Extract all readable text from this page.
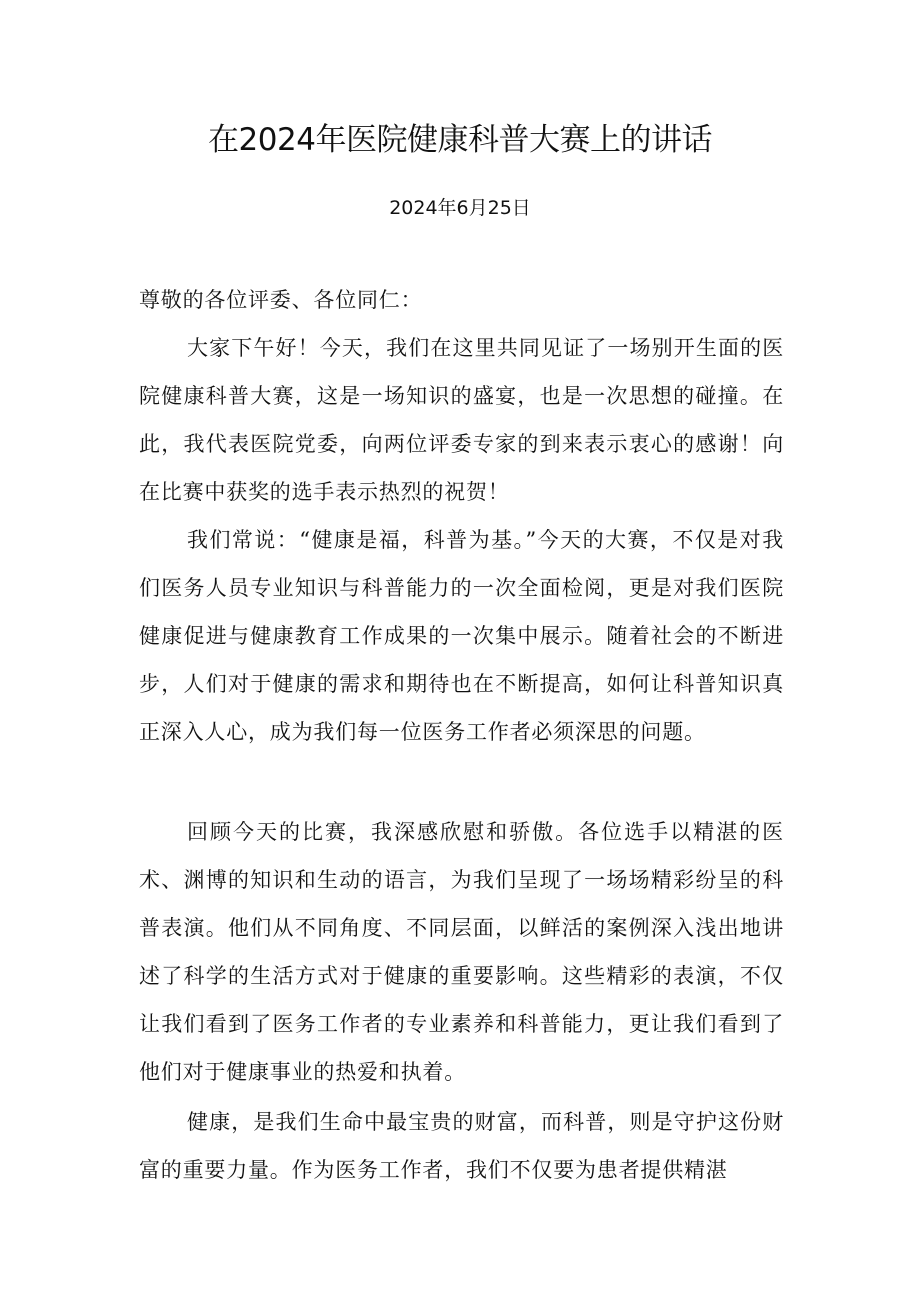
在2024年医院健康科普大赛上的讲话
2024年6月25日

尊敬的各位评委、各位同仁：

大家下午好！今天，我们在这里共同见证了一场别开生面的医院健康科普大赛，这是一场知识的盛宴，也是一次思想的碰撞。在此，我代表医院党委，向两位评委专家的到来表示衷心的感谢！向在比赛中获奖的选手表示热烈的祝贺！

我们常说：“健康是福，科普为基。”今天的大赛，不仅是对我们医务人员专业知识与科普能力的一次全面检阅，更是对我们医院健康促进与健康教育工作成果的一次集中展示。随着社会的不断进步，人们对于健康的需求和期待也在不断提高，如何让科普知识真正深入人心，成为我们每一位医务工作者必须深思的问题。

回顾今天的比赛，我深感欣慰和骄傲。各位选手以精湛的医术、渊博的知识和生动的语言，为我们呈现了一场场精彩纷呈的科普表演。他们从不同角度、不同层面，以鲜活的案例深入浅出地讲述了科学的生活方式对于健康的重要影响。这些精彩的表演，不仅让我们看到了医务工作者的专业素养和科普能力，更让我们看到了他们对于健康事业的热爱和执着。

健康，是我们生命中最宝贵的财富，而科普，则是守护这份财富的重要力量。作为医务工作者，我们不仅要为患者提供精湛
